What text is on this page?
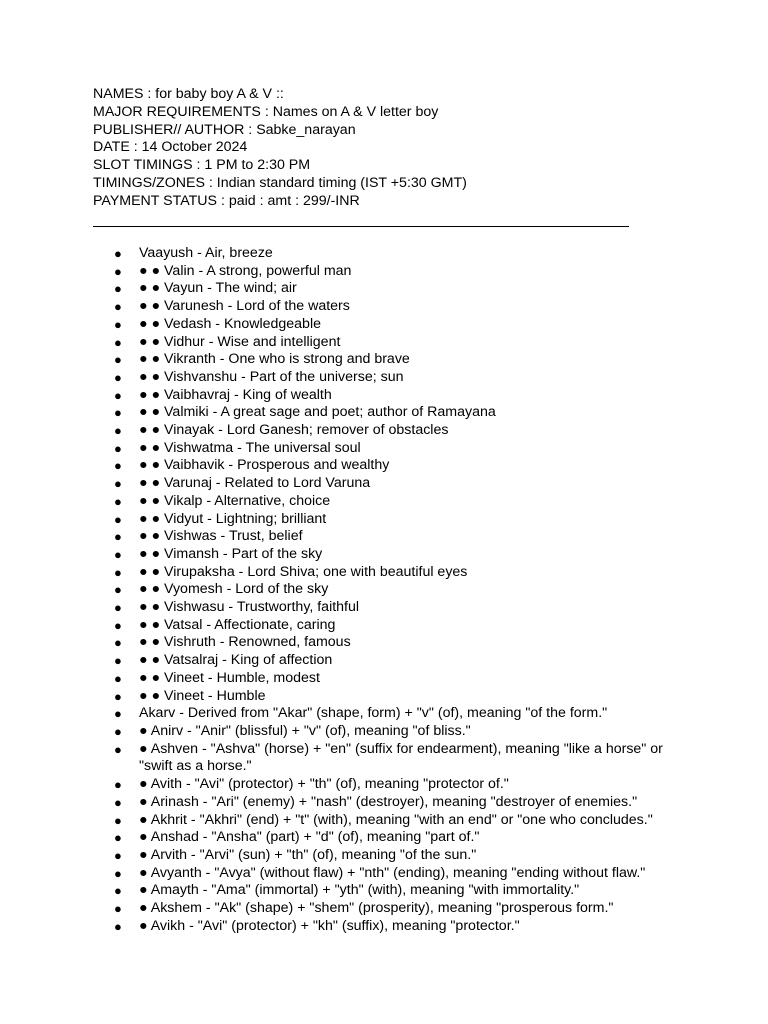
NAMES : for baby boy A & V ::
MAJOR REQUIREMENTS : Names on A & V letter boy
PUBLISHER// AUTHOR : Sabke_narayan
DATE : 14 October 2024
SLOT TIMINGS : 1 PM to 2:30 PM
TIMINGS/ZONES : Indian standard timing (IST +5:30 GMT)
PAYMENT STATUS : paid : amt : 299/-INR
● Vaayush - Air, breeze
● ● ● Valin - A strong, powerful man
● ● ● Vayun - The wind; air
● ● ● Varunesh - Lord of the waters
● ● ● Vedash - Knowledgeable
● ● ● Vidhur - Wise and intelligent
● ● ● Vikranth - One who is strong and brave
● ● ● Vishvanshu - Part of the universe; sun
● ● ● Vaibhavraj - King of wealth
● ● ● Valmiki - A great sage and poet; author of Ramayana
● ● ● Vinayak - Lord Ganesh; remover of obstacles
● ● ● Vishwatma - The universal soul
● ● ● Vaibhavik - Prosperous and wealthy
● ● ● Varunaj - Related to Lord Varuna
● ● ● Vikalp - Alternative, choice
● ● ● Vidyut - Lightning; brilliant
● ● ● Vishwas - Trust, belief
● ● ● Vimansh - Part of the sky
● ● ● Virupaksha - Lord Shiva; one with beautiful eyes
● ● ● Vyomesh - Lord of the sky
● ● ● Vishwasu - Trustworthy, faithful
● ● ● Vatsal - Affectionate, caring
● ● ● Vishruth - Renowned, famous
● ● ● Vatsalraj - King of affection
● ● ● Vineet - Humble, modest
● ● ● Vineet - Humble
● Akarv - Derived from "Akar" (shape, form) + "v" (of), meaning "of the form."
● ● Anirv - "Anir" (blissful) + "v" (of), meaning "of bliss."
● ● Ashven - "Ashva" (horse) + "en" (suffix for endearment), meaning "like a horse" or "swift as a horse."
● ● Avith - "Avi" (protector) + "th" (of), meaning "protector of."
● ● Arinash - "Ari" (enemy) + "nash" (destroyer), meaning "destroyer of enemies."
● ● Akhrit - "Akhri" (end) + "t" (with), meaning "with an end" or "one who concludes."
● ● Anshad - "Ansha" (part) + "d" (of), meaning "part of."
● ● Arvith - "Arvi" (sun) + "th" (of), meaning "of the sun."
● ● Avyanth - "Avya" (without flaw) + "nth" (ending), meaning "ending without flaw."
● ● Amayth - "Ama" (immortal) + "yth" (with), meaning "with immortality."
● ● Akshem - "Ak" (shape) + "shem" (prosperity), meaning "prosperous form."
● ● Avikh - "Avi" (protector) + "kh" (suffix), meaning "protector."
